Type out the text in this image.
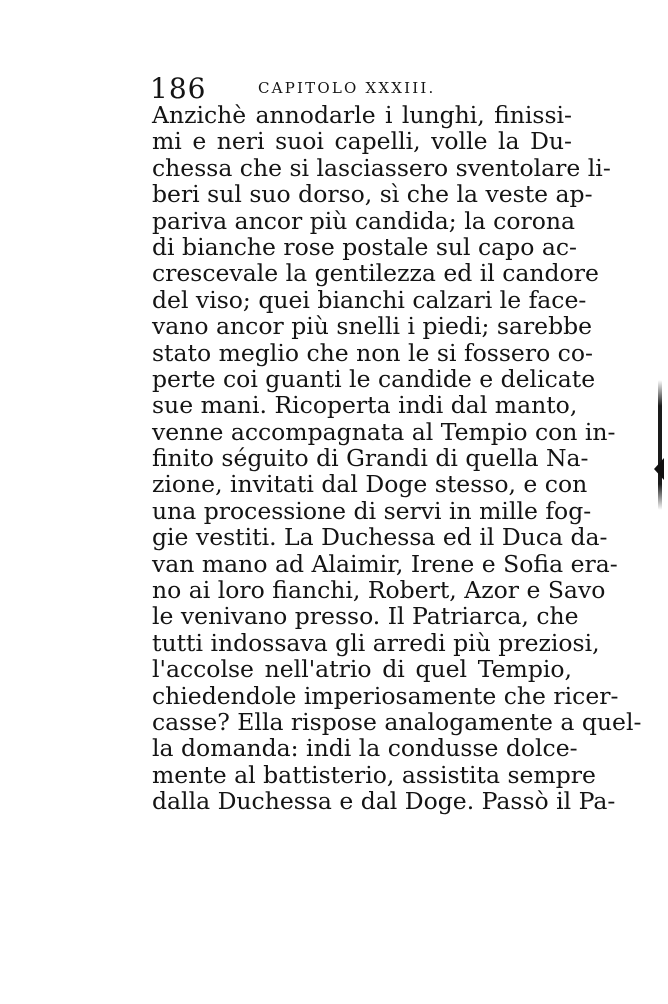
186	CAPITOLO XXXIII.
Anzichè annodarle i lunghi, finissi-
mi e neri suoi capelli, volle la Du-
chessa che si lasciassero sventolare li-
beri sul suo dorso, sì che la veste ap-
pariva ancor più candida; la corona
di bianche rose postale sul capo ac-
crescevale la gentilezza ed il candore
del viso; quei bianchi calzari le face-
vano ancor più snelli i piedi; sarebbe
stato meglio che non le si fossero co-
perte coi guanti le candide e delicate
sue mani. Ricoperta indi dal manto,
venne accompagnata al Tempio con in-
finito séguito di Grandi di quella Na-
zione, invitati dal Doge stesso, e con
una processione di servi in mille fog-
gie vestiti. La Duchessa ed il Duca da-
van mano ad Alaimir, Irene e Sofia era-
no ai loro fianchi, Robert, Azor e Savo
le venivano presso. Il Patriarca, che
tutti indossava gli arredi più preziosi,
l'accolse nell'atrio di quel Tempio,
chiedendole imperiosamente che ricer-
casse? Ella rispose analogamente a quel-
la domanda: indi la condusse dolce-
mente al battisterio, assistita sempre
dalla Duchessa e dal Doge. Passò il Pa-
